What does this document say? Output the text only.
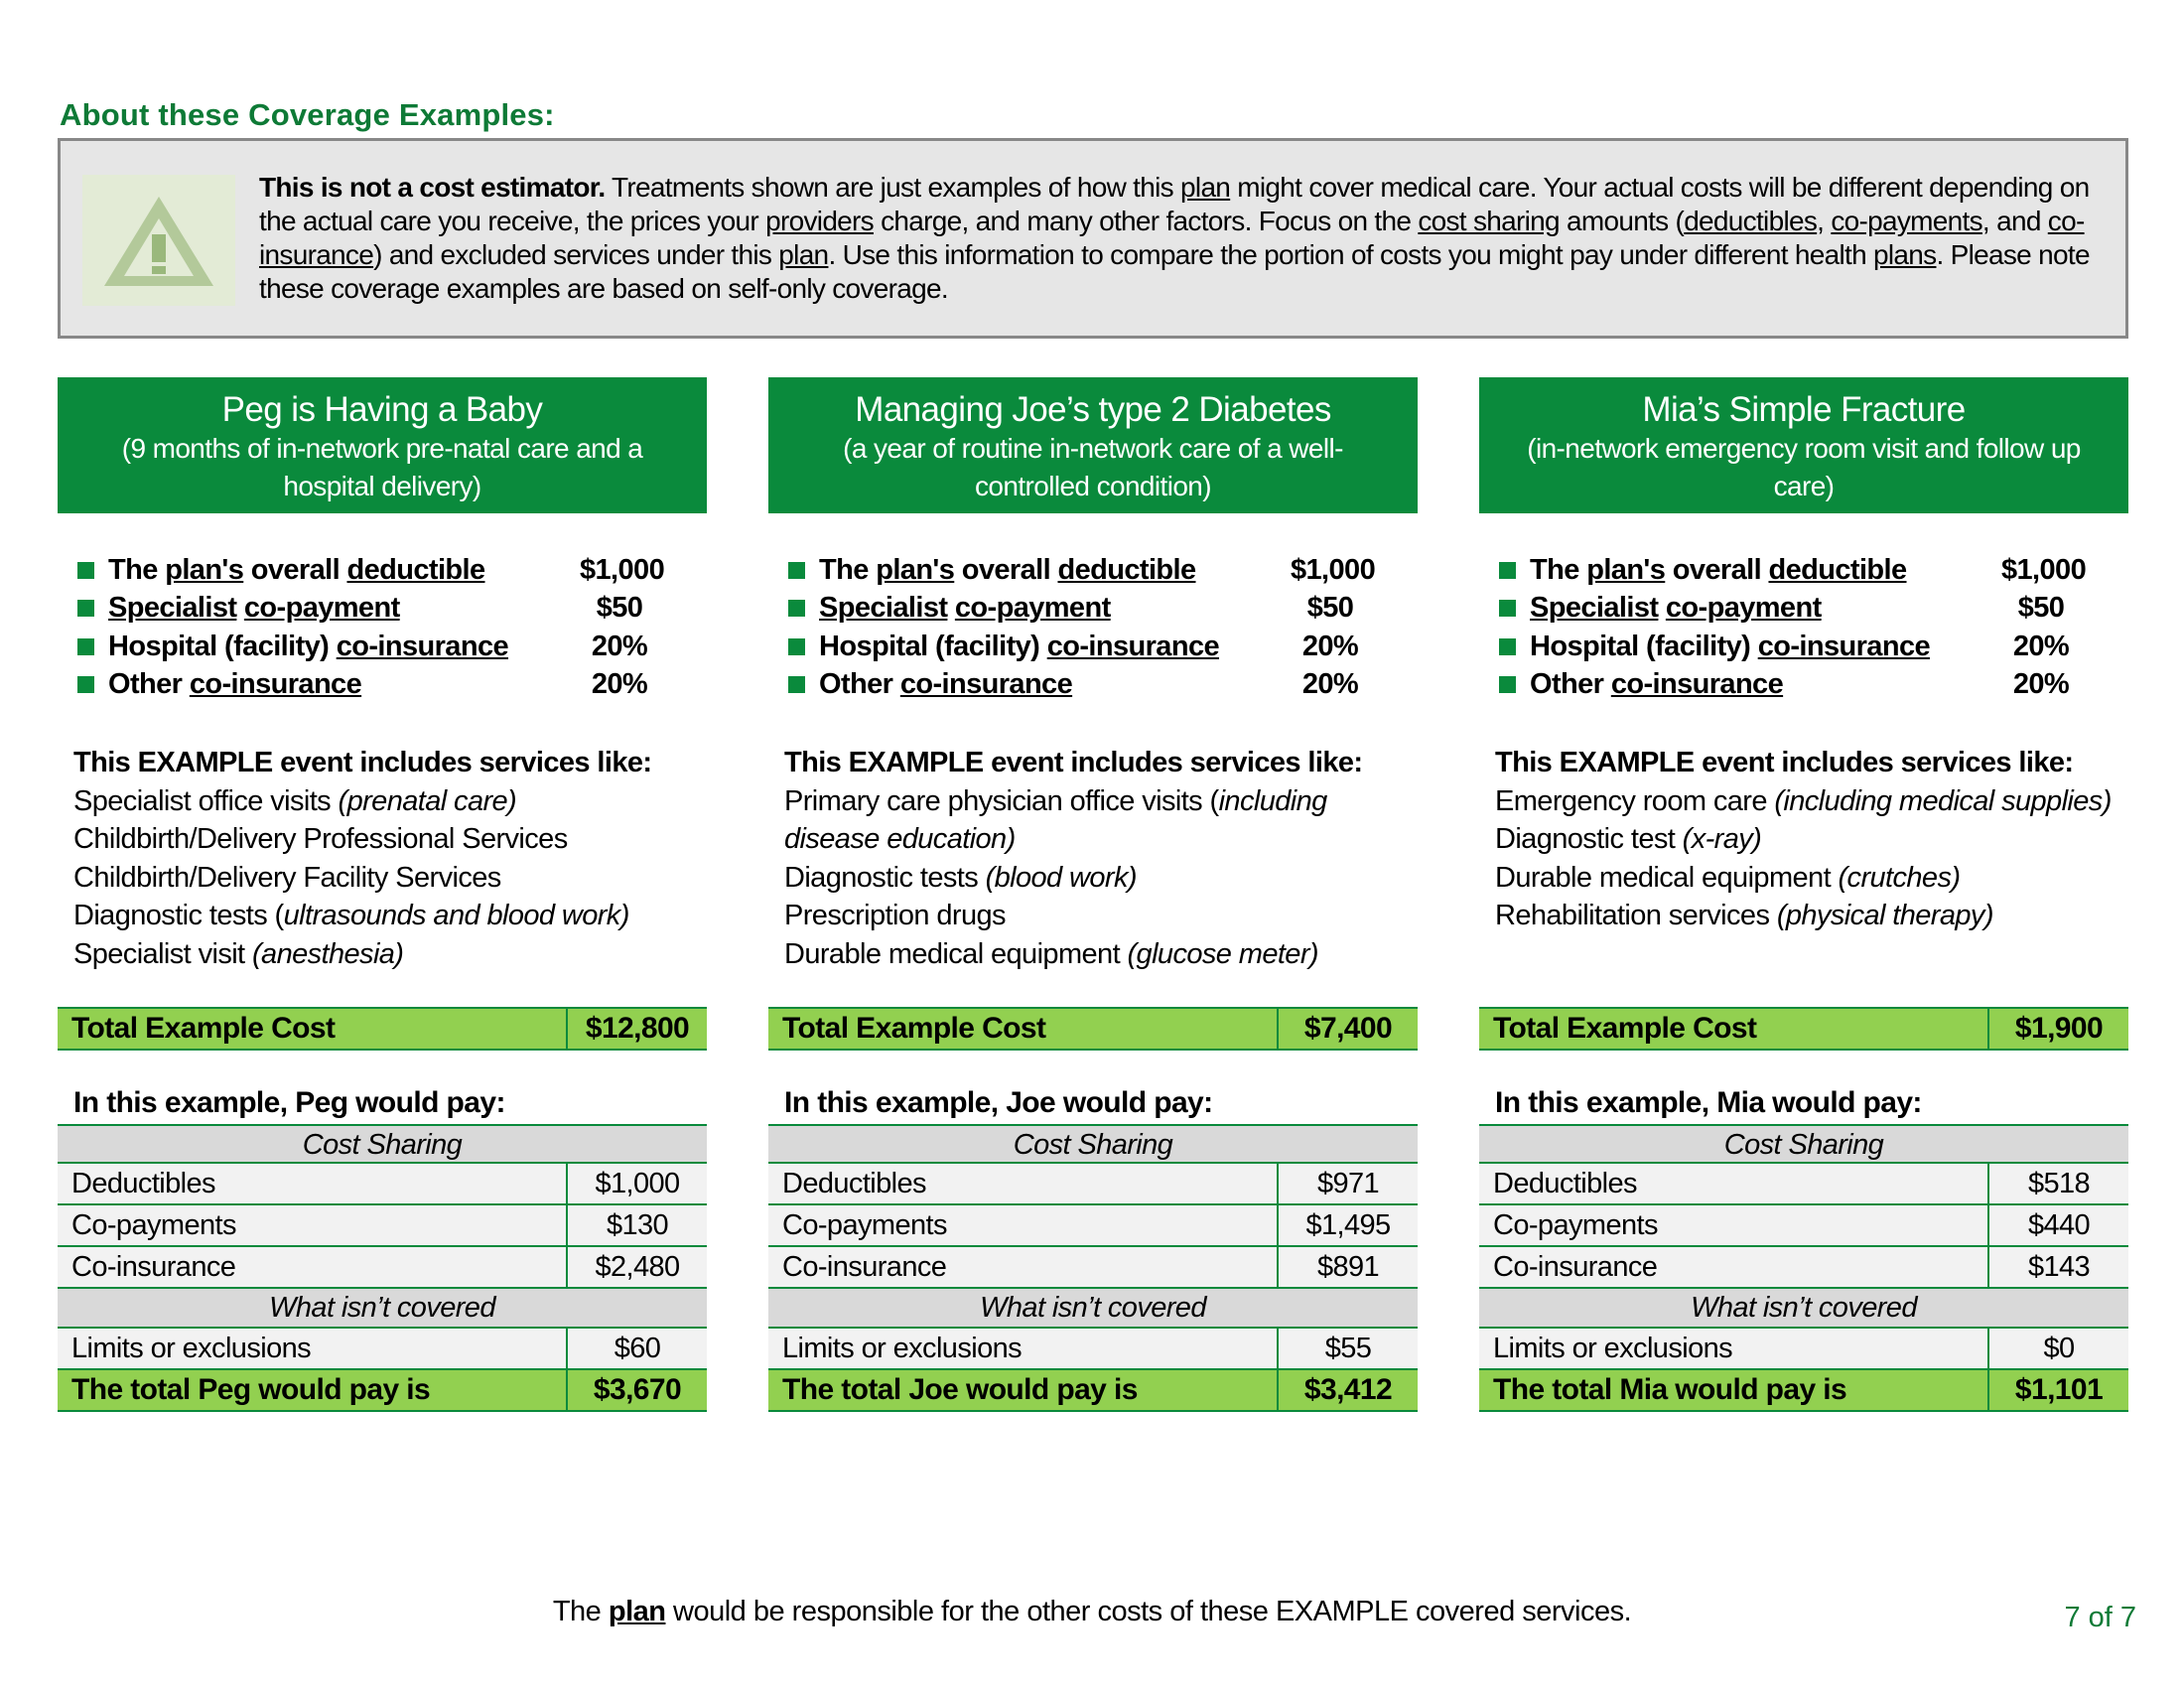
About these Coverage Examples:
This is not a cost estimator. Treatments shown are just examples of how this plan might cover medical care. Your actual costs will be different depending on the actual care you receive, the prices your providers charge, and many other factors. Focus on the cost sharing amounts (deductibles, co-payments, and co-insurance) and excluded services under this plan. Use this information to compare the portion of costs you might pay under different health plans. Please note these coverage examples are based on self-only coverage.
Peg is Having a Baby
(9 months of in-network pre-natal care and a hospital delivery)
The plan's overall deductible	$1,000
Specialist co-payment	$50
Hospital (facility) co-insurance	20%
Other co-insurance	20%
This EXAMPLE event includes services like:
Specialist office visits (prenatal care)
Childbirth/Delivery Professional Services
Childbirth/Delivery Facility Services
Diagnostic tests (ultrasounds and blood work)
Specialist visit (anesthesia)
Total Example Cost	$12,800
In this example, Peg would pay:
Cost Sharing
Deductibles	$1,000
Co-payments	$130
Co-insurance	$2,480
What isn’t covered
Limits or exclusions	$60
The total Peg would pay is	$3,670
Managing Joe’s type 2 Diabetes
(a year of routine in-network care of a well-controlled condition)
The plan's overall deductible	$1,000
Specialist co-payment	$50
Hospital (facility) co-insurance	20%
Other co-insurance	20%
This EXAMPLE event includes services like:
Primary care physician office visits (including disease education)
Diagnostic tests (blood work)
Prescription drugs
Durable medical equipment (glucose meter)
Total Example Cost	$7,400
In this example, Joe would pay:
Cost Sharing
Deductibles	$971
Co-payments	$1,495
Co-insurance	$891
What isn’t covered
Limits or exclusions	$55
The total Joe would pay is	$3,412
Mia’s Simple Fracture
(in-network emergency room visit and follow up care)
The plan's overall deductible	$1,000
Specialist co-payment	$50
Hospital (facility) co-insurance	20%
Other co-insurance	20%
This EXAMPLE event includes services like:
Emergency room care (including medical supplies)
Diagnostic test (x-ray)
Durable medical equipment (crutches)
Rehabilitation services (physical therapy)
Total Example Cost	$1,900
In this example, Mia would pay:
Cost Sharing
Deductibles	$518
Co-payments	$440
Co-insurance	$143
What isn’t covered
Limits or exclusions	$0
The total Mia would pay is	$1,101
The plan would be responsible for the other costs of these EXAMPLE covered services.	7 of 7
